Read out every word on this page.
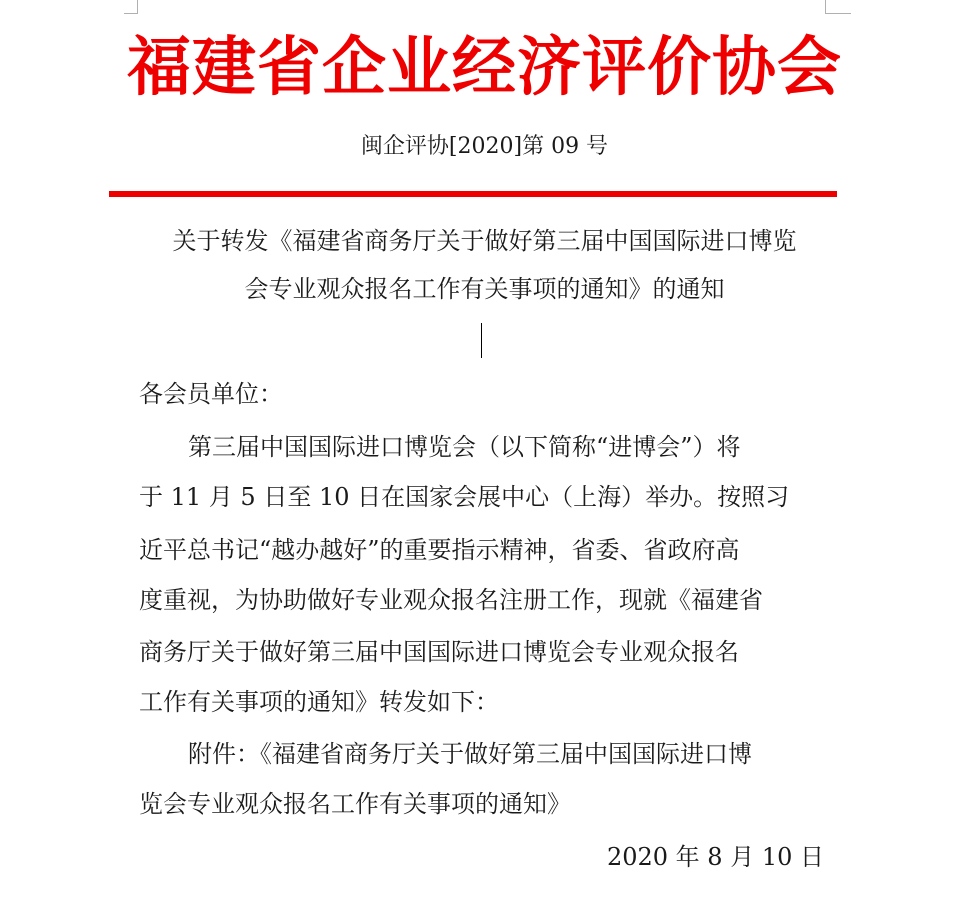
福建省企业经济评价协会
闽企评协[2020]第 09 号
关于转发《福建省商务厅关于做好第三届中国国际进口博览
会专业观众报名工作有关事项的通知》的通知
各会员单位：
第三届中国国际进口博览会（以下简称“进博会”）将
于 11 月 5 日至 10 日在国家会展中心（上海）举办。按照习
近平总书记“越办越好”的重要指示精神，省委、省政府高
度重视，为协助做好专业观众报名注册工作，现就《福建省
商务厅关于做好第三届中国国际进口博览会专业观众报名
工作有关事项的通知》转发如下：
附件：《福建省商务厅关于做好第三届中国国际进口博
览会专业观众报名工作有关事项的通知》
2020 年 8 月 10 日
